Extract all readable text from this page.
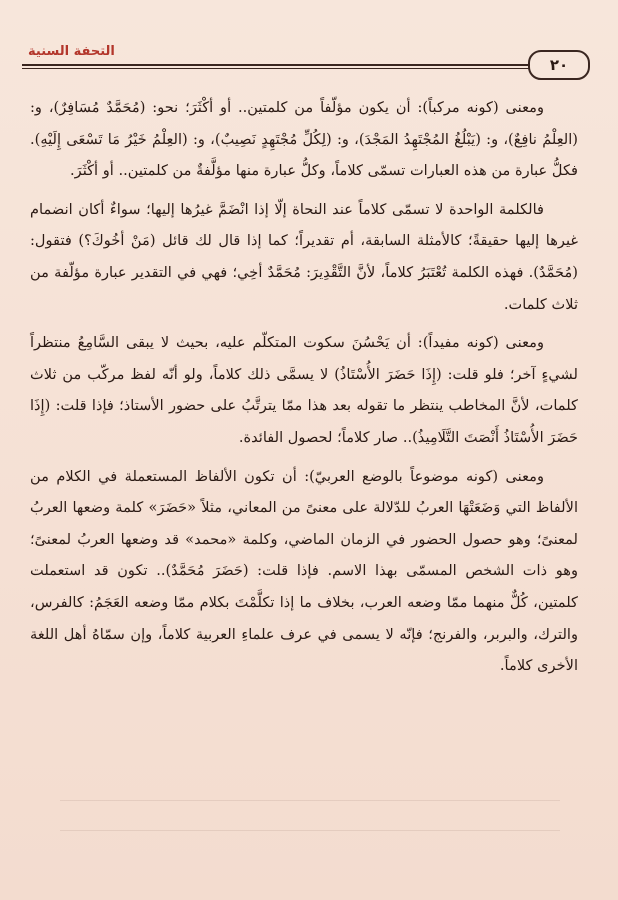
التحفة السنية
٢٠

ومعنى (كونه مركباً): أن يكون مؤلّفاً من كلمتين.. أو أكْثَرَ؛ نحو: (مُحَمَّدٌ مُسَافِرٌ)، و: (العِلْمُ نافِعٌ)، و: (يَبْلُغُ المُجْتَهِدُ المَجْدَ)، و: (لِكُلِّ مُجْتَهِدٍ نَصِيبٌ)، و: (العِلْمُ خَيْرُ مَا تَسْعَى إِلَيْهِ). فكلُّ عبارة من هذه العبارات تسمّى كلاماً، وكلُّ عبارة منها مؤلَّفةٌ من كلمتين.. أو أكْثَرَ.

فالكلمة الواحدة لا تسمّى كلاماً عند النحاة إلّا إذا انْضَمَّ غيرُها إليها؛ سواءٌ أكان انضمام غيرها إليها حقيقةً؛ كالأمثلة السابقة، أم تقديراً؛ كما إذا قال لك قائل (مَنْ أخُوكَ؟) فتقول: (مُحَمَّدٌ). فهذه الكلمة تُعْتَبَرُ كلاماً، لأنَّ التَّقْدِيرَ: مُحَمَّدٌ أخِي؛ فهي في التقدير عبارة مؤلّفة من ثلاث كلمات.

ومعنى (كونه مفيداً): أن يَحْسُنَ سكوت المتكلّم عليه، بحيث لا يبقى السَّامِعُ منتظراً لشيءٍ آخر؛ فلو قلت: (إِذَا حَضَرَ الأُسْتَاذُ) لا يسمَّى ذلك كلاماً، ولو أنّه لفظ مركّب من ثلاث كلمات، لأنَّ المخاطب ينتظر ما تقوله بعد هذا ممّا يترتَّبُ على حضور الأستاذ؛ فإذا قلت: (إِذَا حَضَرَ الأُسْتَاذُ أَنْصَتَ التَّلَامِيذُ).. صار كلاماً؛ لحصول الفائدة.

ومعنى (كونه موضوعاً بالوضع العربيّ): أن تكون الألفاظ المستعملة في الكلام من الألفاظ التي وَضَعَتْهَا العربُ للدّلالة على معنىً من المعاني، مثلاً «حَضَرَ» كلمة وضعها العربُ لمعنىً؛ وهو حصول الحضور في الزمان الماضي، وكلمة «محمد» قد وضعها العربُ لمعنىً؛ وهو ذات الشخص المسمّى بهذا الاسم. فإذا قلت: (حَضَرَ مُحَمَّدٌ).. تكون قد استعملت كلمتين، كُلٌّ منهما ممّا وضعه العرب، بخلاف ما إذا تكلَّمْتَ بكلام ممّا وضعه العَجَمُ: كالفرس، والترك، والبربر، والفرنج؛ فإنّه لا يسمى في عرف علماءِ العربية كلاماً، وإن سمّاهُ أهل اللغة الأخرى كلاماً.
